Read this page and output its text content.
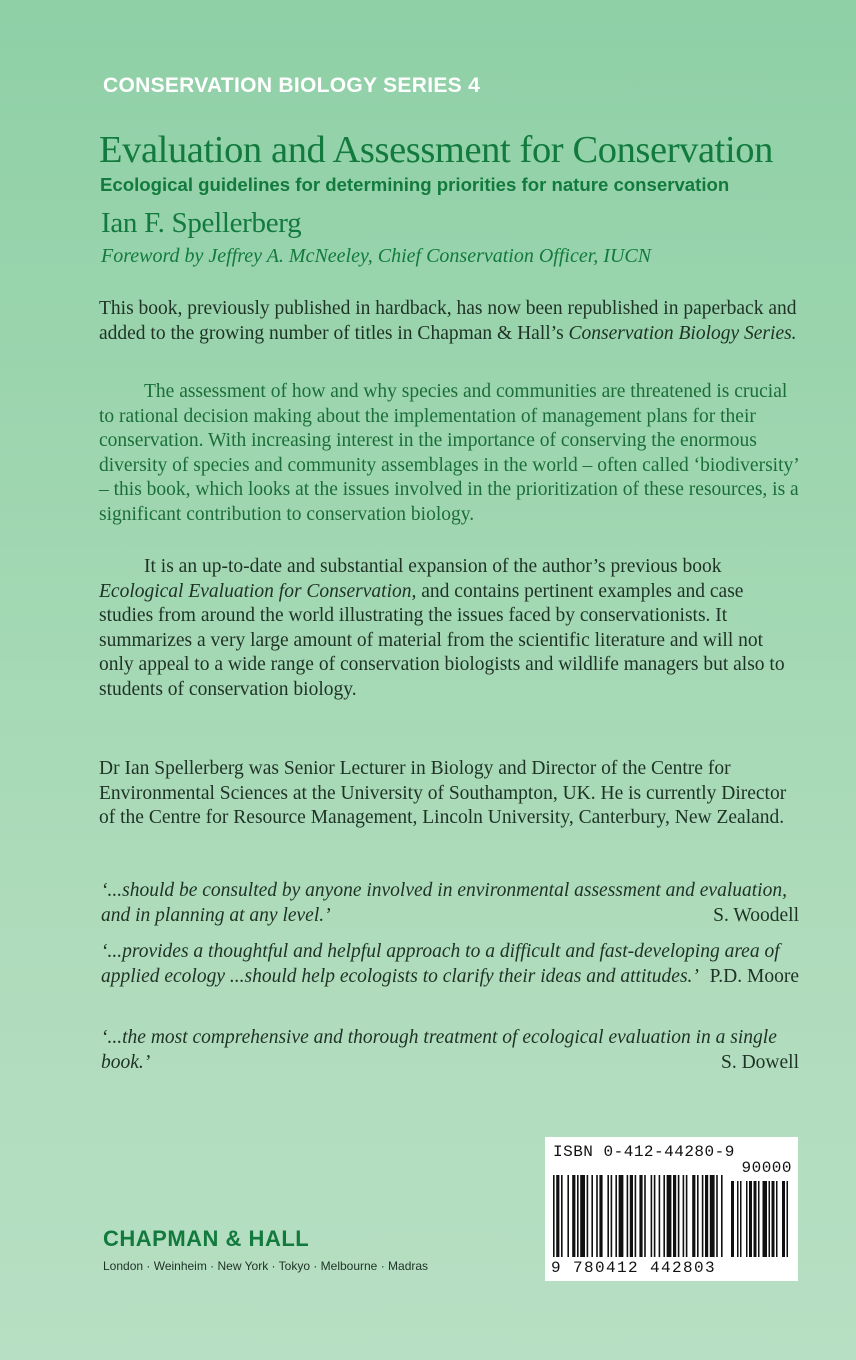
CONSERVATION BIOLOGY SERIES 4
Evaluation and Assessment for Conservation
Ecological guidelines for determining priorities for nature conservation
Ian F. Spellerberg
Foreword by Jeffrey A. McNeeley, Chief Conservation Officer, IUCN
This book, previously published in hardback, has now been republished in paperback and added to the growing number of titles in Chapman & Hall’s Conservation Biology Series.
The assessment of how and why species and communities are threatened is crucial to rational decision making about the implementation of management plans for their conservation. With increasing interest in the importance of conserving the enormous diversity of species and community assemblages in the world – often called ‘biodiversity’ – this book, which looks at the issues involved in the prioritization of these resources, is a significant contribution to conservation biology.
It is an up-to-date and substantial expansion of the author’s previous book Ecological Evaluation for Conservation, and contains pertinent examples and case studies from around the world illustrating the issues faced by conservationists. It summarizes a very large amount of material from the scientific literature and will not only appeal to a wide range of conservation biologists and wildlife managers but also to students of conservation biology.
Dr Ian Spellerberg was Senior Lecturer in Biology and Director of the Centre for Environmental Sciences at the University of Southampton, UK. He is currently Director of the Centre for Resource Management, Lincoln University, Canterbury, New Zealand.
‘...should be consulted by anyone involved in environmental assessment and evaluation, and in planning at any level.’	S. Woodell
‘...provides a thoughtful and helpful approach to a difficult and fast-developing area of applied ecology ...should help ecologists to clarify their ideas and attitudes.’ P.D. Moore
‘...the most comprehensive and thorough treatment of ecological evaluation in a single book.’	S. Dowell
CHAPMAN & HALL
London · Weinheim · New York · Tokyo · Melbourne · Madras
ISBN 0-412-44280-9
90000
9 780412 442803
